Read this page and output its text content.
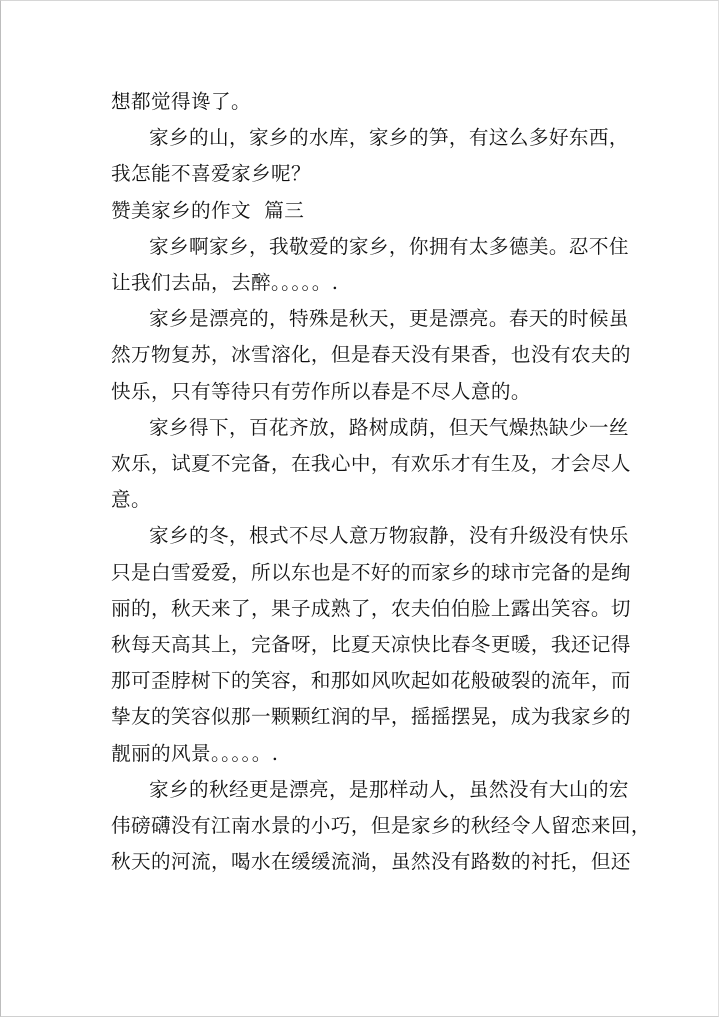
想都觉得谗了。

家乡的山，家乡的水库，家乡的笋，有这么多好东西，

我怎能不喜爱家乡呢？

赞美家乡的作文  篇三

家乡啊家乡，我敬爱的家乡，你拥有太多德美。忍不住

让我们去品，去醉。。。。。.

家乡是漂亮的，特殊是秋天，更是漂亮。春天的时候虽

然万物复苏，冰雪溶化，但是春天没有果香，也没有农夫的

快乐，只有等待只有劳作所以春是不尽人意的。

家乡得下，百花齐放，路树成荫，但天气燥热缺少一丝

欢乐，试夏不完备，在我心中，有欢乐才有生及，才会尽人

意。

家乡的冬，根式不尽人意万物寂静，没有升级没有快乐

只是白雪爱爱，所以东也是不好的而家乡的球市完备的是绚

丽的，秋天来了，果子成熟了，农夫伯伯脸上露出笑容。切

秋每天高其上，完备呀，比夏天凉快比春冬更暖，我还记得

那可歪脖树下的笑容，和那如风吹起如花般破裂的流年，而

挚友的笑容似那一颗颗红润的早，摇摇摆晃，成为我家乡的

靓丽的风景。。。。。.

家乡的秋经更是漂亮，是那样动人，虽然没有大山的宏

伟磅礴没有江南水景的小巧，但是家乡的秋经令人留恋来回，

秋天的河流，喝水在缓缓流淌，虽然没有路数的衬托，但还
